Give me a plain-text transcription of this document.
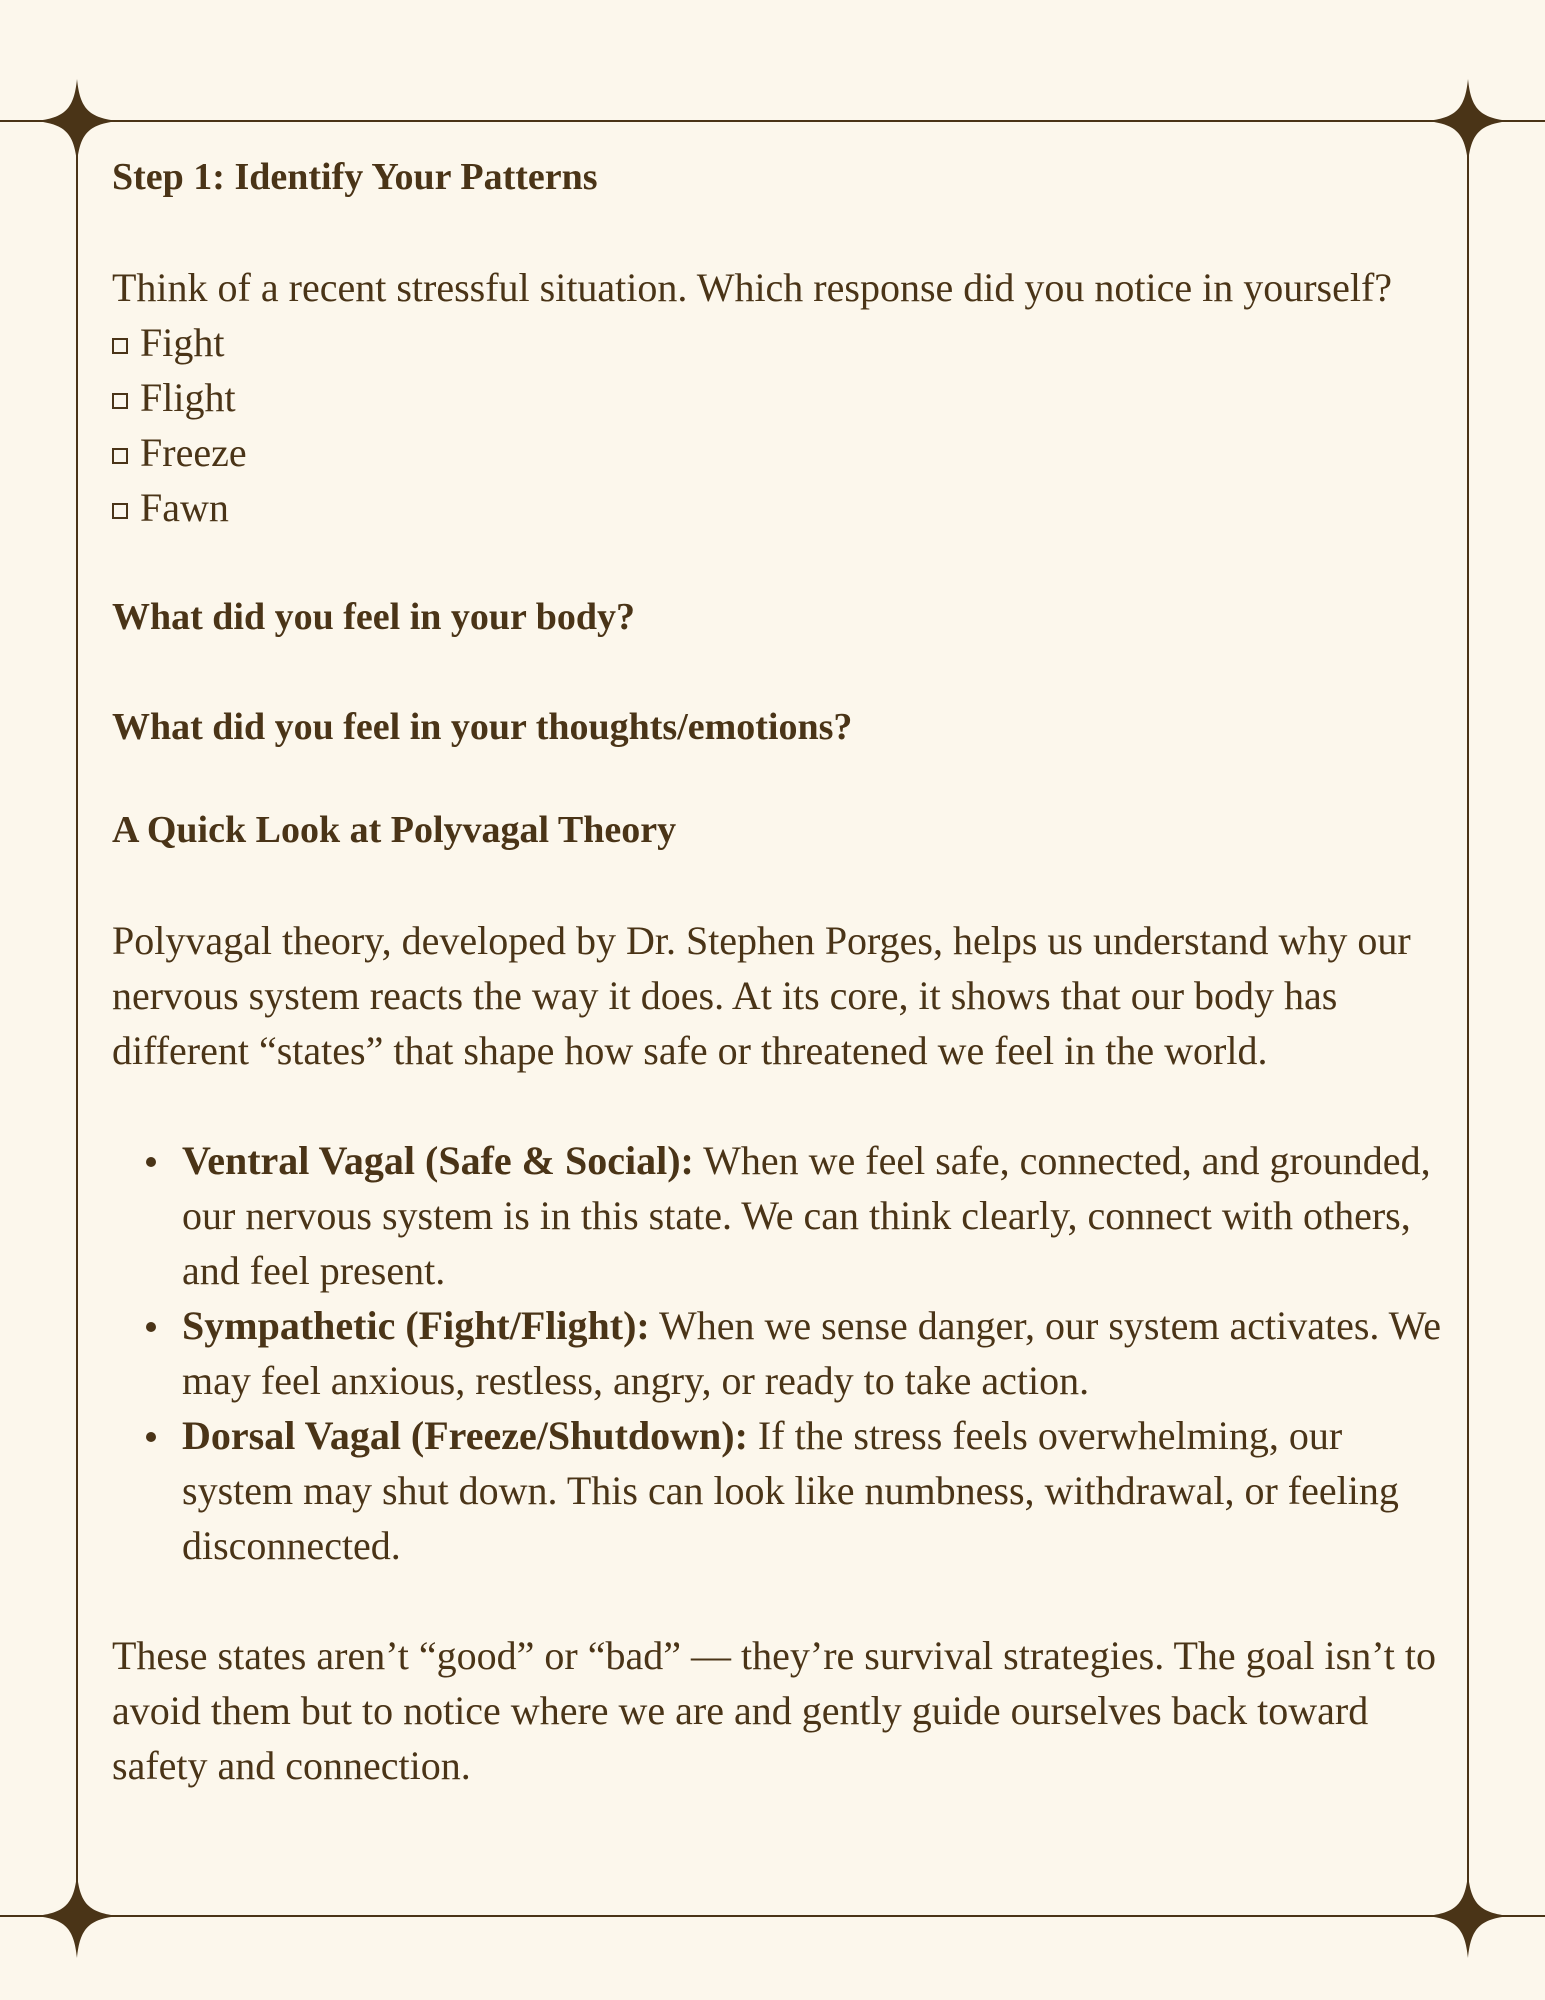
Step 1: Identify Your Patterns

Think of a recent stressful situation. Which response did you notice in yourself?

Fight
Flight
Freeze
Fawn

What did you feel in your body?

What did you feel in your thoughts/emotions?

A Quick Look at Polyvagal Theory

Polyvagal theory, developed by Dr. Stephen Porges, helps us understand why our nervous system reacts the way it does. At its core, it shows that our body has different “states” that shape how safe or threatened we feel in the world.

Ventral Vagal (Safe & Social): When we feel safe, connected, and grounded, our nervous system is in this state. We can think clearly, connect with others, and feel present.
Sympathetic (Fight/Flight): When we sense danger, our system activates. We may feel anxious, restless, angry, or ready to take action.
Dorsal Vagal (Freeze/Shutdown): If the stress feels overwhelming, our system may shut down. This can look like numbness, withdrawal, or feeling disconnected.

These states aren’t “good” or “bad” — they’re survival strategies. The goal isn’t to avoid them but to notice where we are and gently guide ourselves back toward safety and connection.
